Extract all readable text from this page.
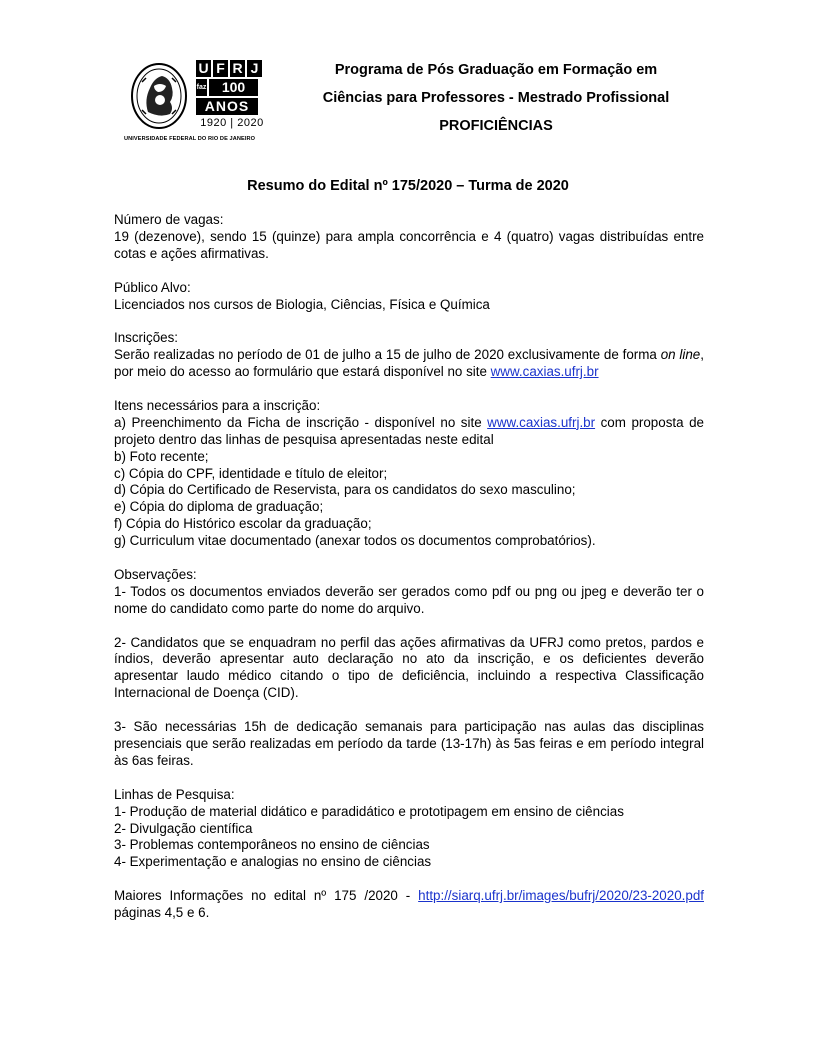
U F R J
faz	100
ANOS
1920 | 2020
UNIVERSIDADE FEDERAL DO RIO DE JANEIRO
Programa de Pós Graduação em Formação em
Ciências para Professores - Mestrado Profissional
PROFICIÊNCIAS
Resumo do Edital nº 175/2020 – Turma de 2020

Número de vagas:

19 (dezenove), sendo 15 (quinze) para ampla concorrência e 4 (quatro) vagas distribuídas entre cotas e ações afirmativas.

Público Alvo:

Licenciados nos cursos de Biologia, Ciências, Física e Química

Inscrições:

Serão realizadas no período de 01 de julho a 15 de julho de 2020 exclusivamente de forma on line, por meio do acesso ao formulário que estará disponível no site www.caxias.ufrj.br

Itens necessários para a inscrição:

a) Preenchimento da Ficha de inscrição - disponível no site www.caxias.ufrj.br com proposta de projeto dentro das linhas de pesquisa apresentadas neste edital

b) Foto recente;

c) Cópia do CPF, identidade e título de eleitor;

d) Cópia do Certificado de Reservista, para os candidatos do sexo masculino;

e) Cópia do diploma de graduação;

f) Cópia do Histórico escolar da graduação;

g) Curriculum vitae documentado (anexar todos os documentos comprobatórios).

Observações:

1- Todos os documentos enviados deverão ser gerados como pdf ou png ou jpeg e deverão ter o nome do candidato como parte do nome do arquivo.

2- Candidatos que se enquadram no perfil das ações afirmativas da UFRJ como pretos, pardos e índios, deverão apresentar auto declaração no ato da inscrição, e os deficientes deverão apresentar laudo médico citando o tipo de deficiência, incluindo a respectiva Classificação Internacional de Doença (CID).

3- São necessárias 15h de dedicação semanais para participação nas aulas das disciplinas presenciais que serão realizadas em período da tarde (13-17h) às 5as feiras e em período integral às 6as feiras.

Linhas de Pesquisa:

1- Produção de material didático e paradidático e prototipagem em ensino de ciências

2- Divulgação científica

3- Problemas contemporâneos no ensino de ciências

4- Experimentação e analogias no ensino de ciências

Maiores Informações no edital nº 175 /2020 - http://siarq.ufrj.br/images/bufrj/2020/23-2020.pdf páginas 4,5 e 6.
